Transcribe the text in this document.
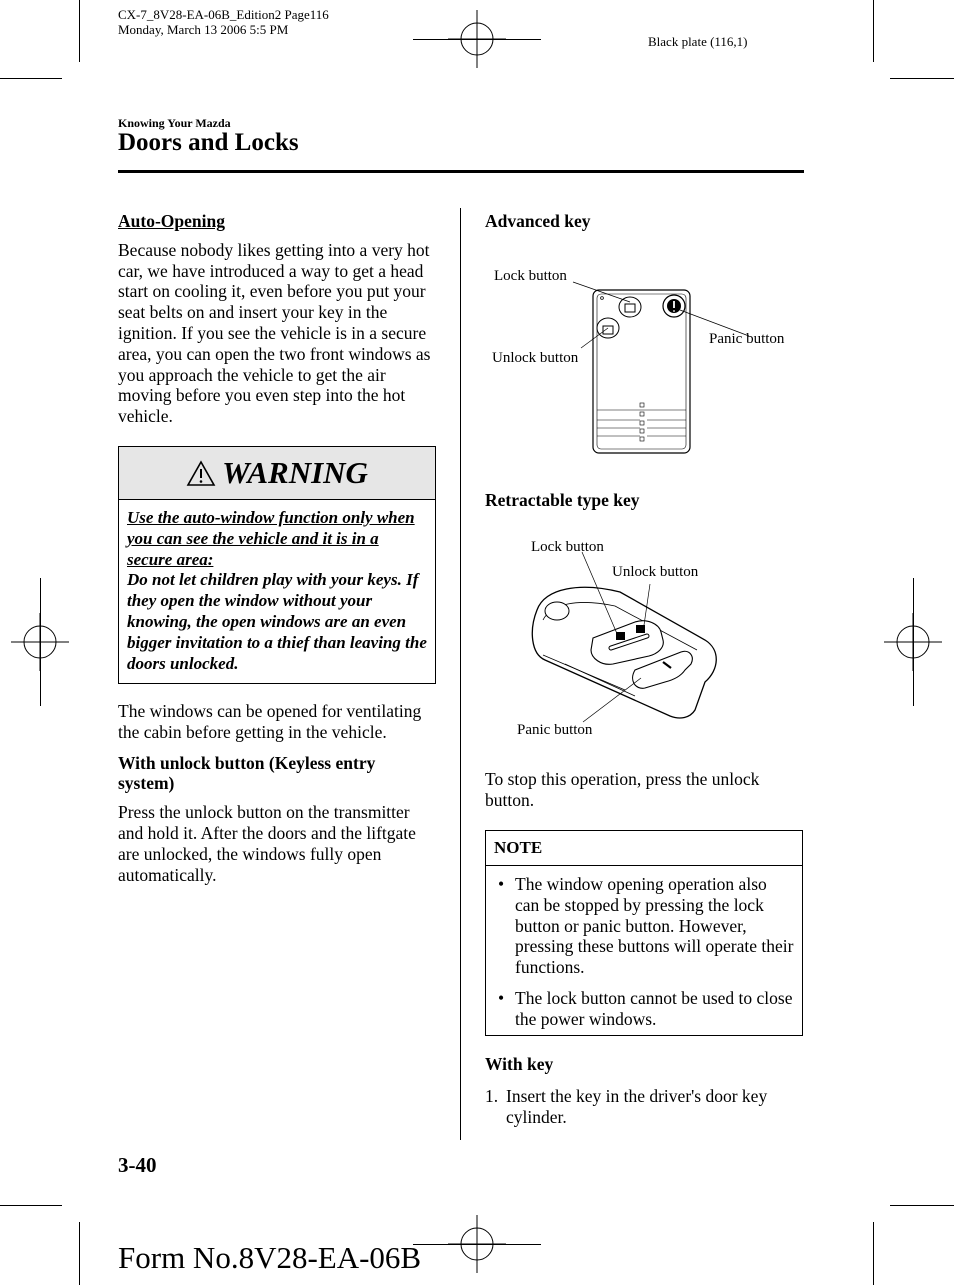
CX-7_8V28-EA-06B_Edition2 Page116
Monday, March 13 2006 5:5 PM
Black plate (116,1)
Knowing Your Mazda
Doors and Locks

Auto-Opening

Because nobody likes getting into a very hot car, we have introduced a way to get a head start on cooling it, even before you put your seat belts on and insert your key in the ignition. If you see the vehicle is in a secure area, you can open the two front windows as you approach the vehicle to get the air moving before you even step into the hot vehicle.

WARNING
Use the auto-window function only when you can see the vehicle and it is in a secure area:
Do not let children play with your keys. If they open the window without your knowing, the open windows are an even bigger invitation to a thief than leaving the doors unlocked.

The windows can be opened for ventilating the cabin before getting in the vehicle.

With unlock button (Keyless entry system)

Press the unlock button on the transmitter and hold it. After the doors and the liftgate are unlocked, the windows fully open automatically.

Advanced key
Lock button
Unlock button
Panic button
Retractable type key
Lock button
Unlock button
Panic button
To stop this operation, press the unlock button.
NOTE
• The window opening operation also can be stopped by pressing the lock button or panic button. However, pressing these buttons will operate their functions.
• The lock button cannot be used to close the power windows.

With key

1. Insert the key in the driver's door key cylinder.
3-40
Form No.8V28-EA-06B
